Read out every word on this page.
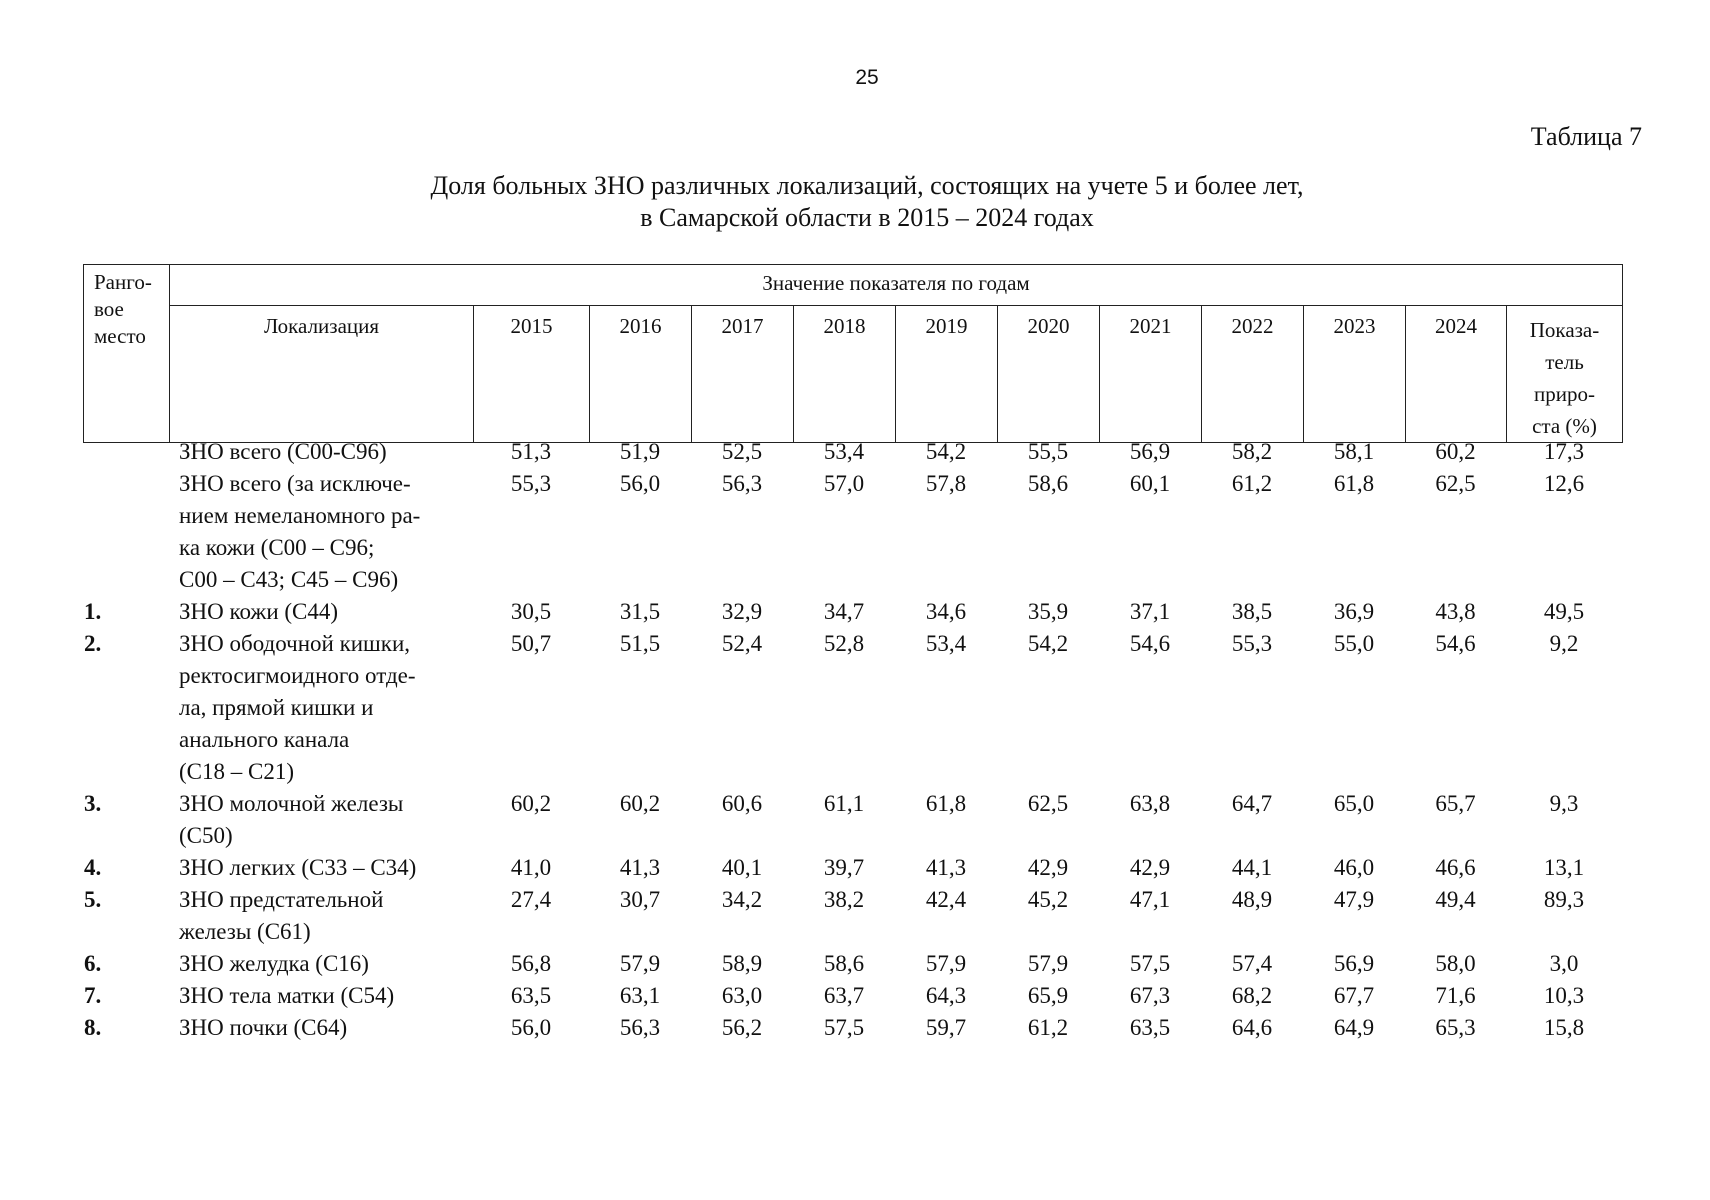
25
Таблица 7
Доля больных ЗНО различных локализаций, состоящих на учете 5 и более лет,
в Самарской области в 2015 – 2024 годах
Ранго-
вое
место	Значение показателя по годам											
	Локализация	2015	2016	2017	2018	2019	2020	2021	2022	2023	2024	Показа-
тель
приро-
ста (%)

	ЗНО всего (С00-С96)	51,3	51,9	52,5	53,4	54,2	55,5	56,9	58,2	58,1	60,2	17,3

	ЗНО всего (за исключе-
нием немеланомного ра-
ка кожи (С00 – С96;
С00 – С43; С45 – С96)	55,3	56,0	56,3	57,0	57,8	58,6	60,1	61,2	61,8	62,5	12,6
1.	ЗНО кожи (С44)	30,5	31,5	32,9	34,7	34,6	35,9	37,1	38,5	36,9	43,8	49,5
2.	ЗНО ободочной кишки,
ректосигмоидного отде-
ла, прямой кишки и
анального канала
(С18 – С21)	50,7	51,5	52,4	52,8	53,4	54,2	54,6	55,3	55,0	54,6	9,2
3.	ЗНО молочной железы
(С50)	60,2	60,2	60,6	61,1	61,8	62,5	63,8	64,7	65,0	65,7	9,3
4.	ЗНО легких (С33 – С34)	41,0	41,3	40,1	39,7	41,3	42,9	42,9	44,1	46,0	46,6	13,1
5.	ЗНО предстательной
железы (С61)	27,4	30,7	34,2	38,2	42,4	45,2	47,1	48,9	47,9	49,4	89,3
6.	ЗНО желудка (С16)	56,8	57,9	58,9	58,6	57,9	57,9	57,5	57,4	56,9	58,0	3,0
7.	ЗНО тела матки (С54)	63,5	63,1	63,0	63,7	64,3	65,9	67,3	68,2	67,7	71,6	10,3
8.	ЗНО почки (С64)	56,0	56,3	56,2	57,5	59,7	61,2	63,5	64,6	64,9	65,3	15,8
